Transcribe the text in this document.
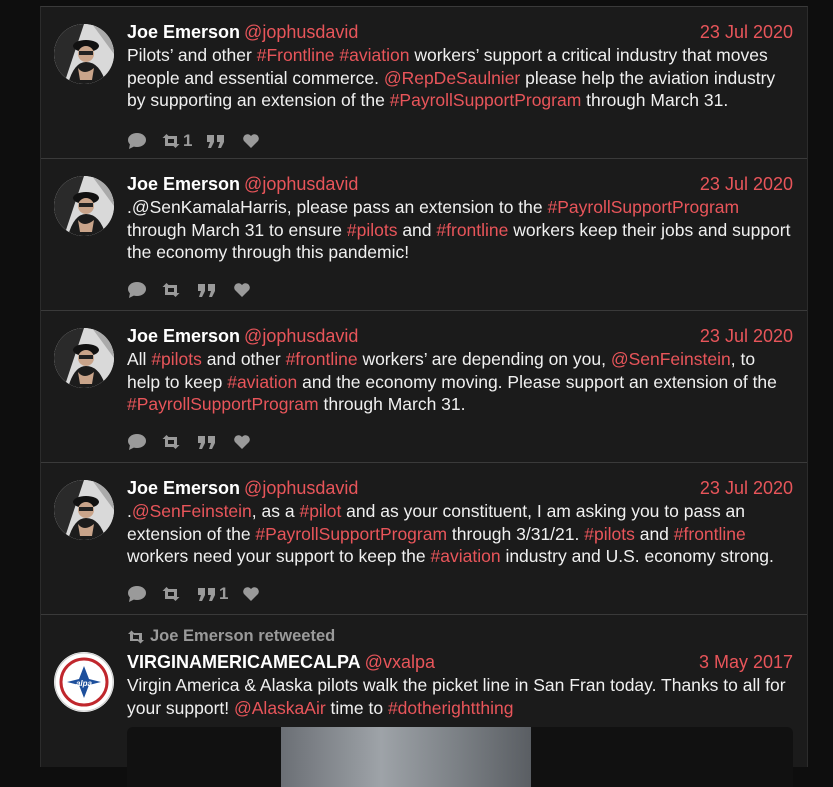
Joe Emerson @jophusdavid	23 Jul 2020
Pilots’ and other #Frontline #aviation workers’ support a critical industry that moves people and essential commerce. @RepDeSaulnier please help the aviation industry by supporting an extension of the #PayrollSupportProgram through March 31.
1
Joe Emerson @jophusdavid	23 Jul 2020
.@SenKamalaHarris, please pass an extension to the #PayrollSupportProgram through March 31 to ensure #pilots and #frontline workers keep their jobs and support the economy through this pandemic!
Joe Emerson @jophusdavid	23 Jul 2020
All #pilots and other #frontline workers’ are depending on you, @SenFeinstein, to help to keep #aviation and the economy moving. Please support an extension of the #PayrollSupportProgram through March 31.
Joe Emerson @jophusdavid	23 Jul 2020
.@SenFeinstein, as a #pilot and as your constituent, I am asking you to pass an extension of the #PayrollSupportProgram through 3/31/21. #pilots and #frontline workers need your support to keep the #aviation industry and U.S. economy strong.
1
Joe Emerson retweeted
alpa
VIRGINAMERICAMECALPA @vxalpa	3 May 2017
Virgin America & Alaska pilots walk the picket line in San Fran today. Thanks to all for your support! @AlaskaAir time to #dotherightthing
